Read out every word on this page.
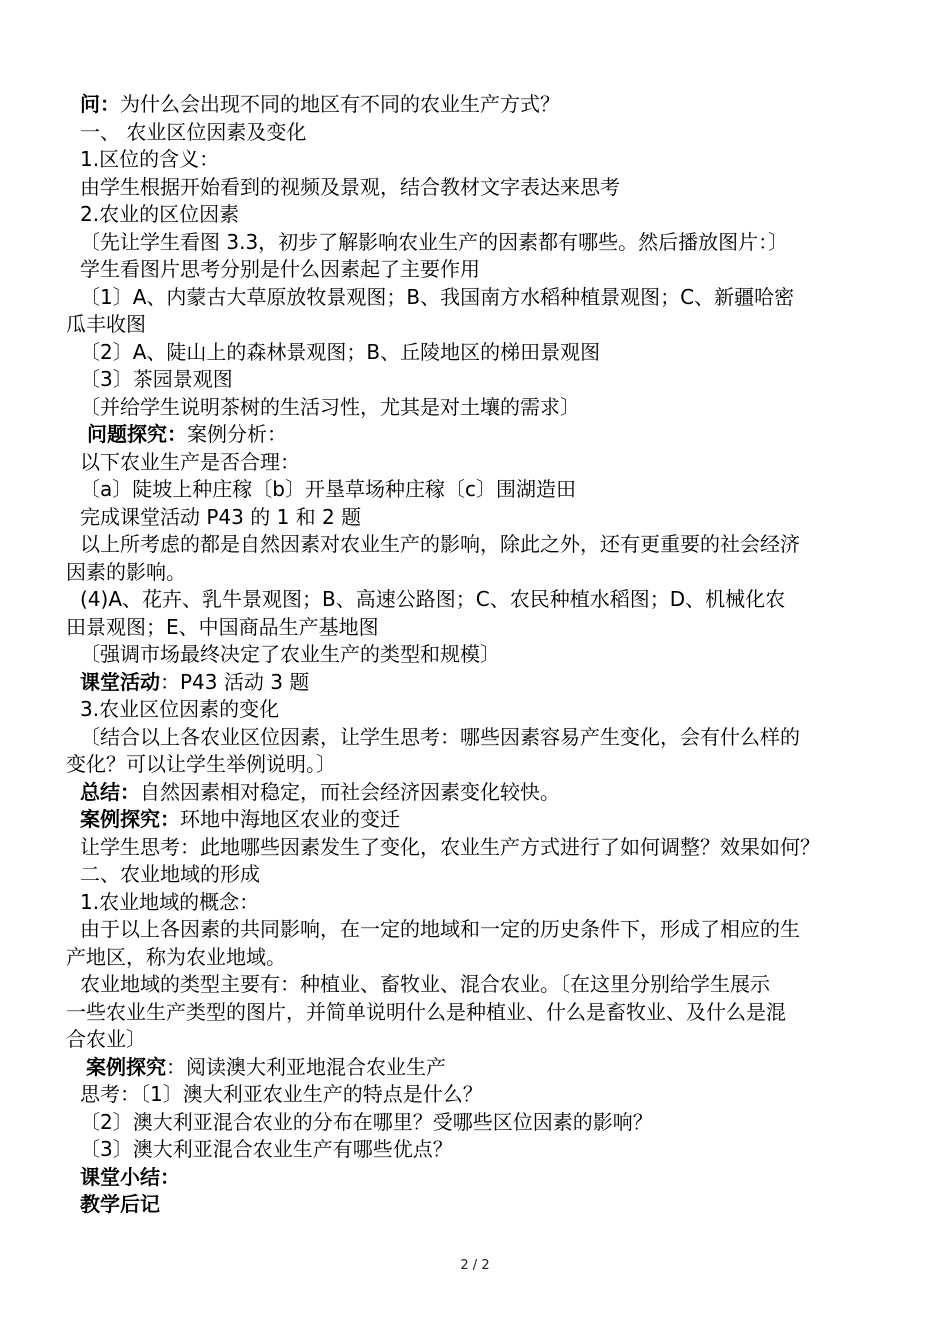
问：为什么会出现不同的地区有不同的农业生产方式？
一、 农业区位因素及变化
1.区位的含义：
由学生根据开始看到的视频及景观，结合教材文字表达来思考
2.农业的区位因素
〔先让学生看图 3.3，初步了解影响农业生产的因素都有哪些。然后播放图片：〕
学生看图片思考分别是什么因素起了主要作用
〔1〕A、内蒙古大草原放牧景观图；B、我国南方水稻种植景观图；C、新疆哈密
瓜丰收图
〔2〕A、陡山上的森林景观图；B、丘陵地区的梯田景观图
〔3〕茶园景观图
〔并给学生说明茶树的生活习性，尤其是对土壤的需求〕
问题探究：案例分析：
以下农业生产是否合理：
〔a〕陡坡上种庄稼〔b〕开垦草场种庄稼〔c〕围湖造田
完成课堂活动 P43 的 1 和 2 题
以上所考虑的都是自然因素对农业生产的影响，除此之外，还有更重要的社会经济
因素的影响。
(4)A、花卉、乳牛景观图；B、高速公路图；C、农民种植水稻图；D、机械化农
田景观图；E、中国商品生产基地图
〔强调市场最终决定了农业生产的类型和规模〕
课堂活动：P43 活动 3 题
3.农业区位因素的变化
〔结合以上各农业区位因素，让学生思考：哪些因素容易产生变化，会有什么样的
变化？可以让学生举例说明。〕
总结：自然因素相对稳定，而社会经济因素变化较快。
案例探究：环地中海地区农业的变迁
让学生思考：此地哪些因素发生了变化，农业生产方式进行了如何调整？效果如何？
二、农业地域的形成
1.农业地域的概念：
由于以上各因素的共同影响，在一定的地域和一定的历史条件下，形成了相应的生
产地区，称为农业地域。
农业地域的类型主要有：种植业、畜牧业、混合农业。〔在这里分别给学生展示
一些农业生产类型的图片，并简单说明什么是种植业、什么是畜牧业、及什么是混
合农业〕
案例探究：阅读澳大利亚地混合农业生产
思考：〔1〕澳大利亚农业生产的特点是什么？
〔2〕澳大利亚混合农业的分布在哪里？受哪些区位因素的影响？
〔3〕澳大利亚混合农业生产有哪些优点？
课堂小结：
教学后记
2 / 2
